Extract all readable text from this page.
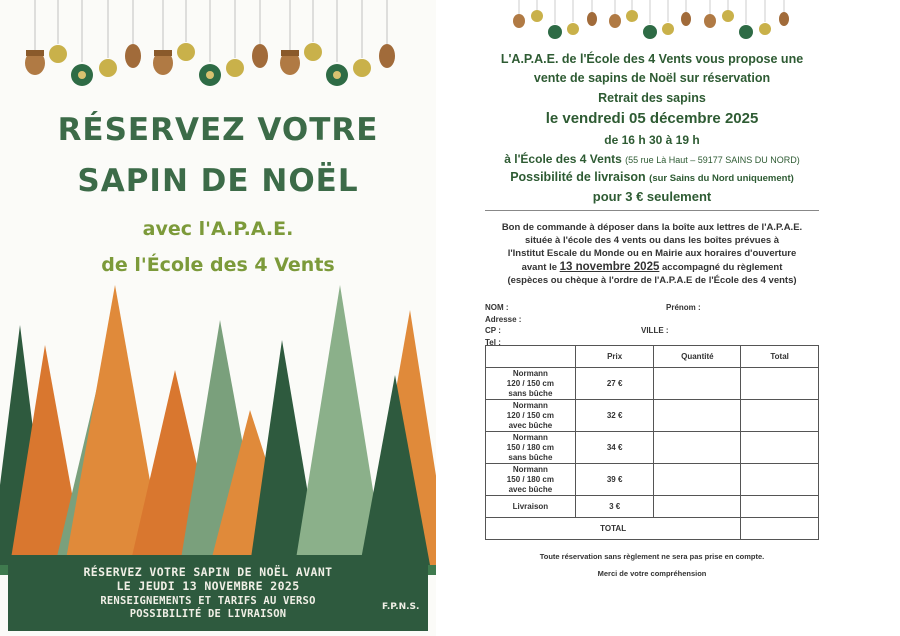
RÉSERVEZ VOTRE
SAPIN DE NOËL
avec l'A.P.A.E.
de l'École des 4 Vents
RÉSERVEZ VOTRE SAPIN DE NOËL AVANT
LE JEUDI 13 NOVEMBRE 2025
RENSEIGNEMENTS ET TARIFS AU VERSO
POSSIBILITÉ DE LIVRAISON
F.P.N.S.
L'A.P.A.E. de l'École des 4 Vents vous propose une
vente de sapins de Noël sur réservation
Retrait des sapins
le vendredi 05 décembre 2025
de 16 h 30 à 19 h
à l'École des 4 Vents (55 rue Là Haut – 59177 SAINS DU NORD)
Possibilité de livraison (sur Sains du Nord uniquement)
pour 3 € seulement
Bon de commande à déposer dans la boîte aux lettres de l'A.P.A.E.
située à l'école des 4 vents ou dans les boîtes prévues à
l'Institut Escale du Monde ou en Mairie aux horaires d'ouverture
avant le 13 novembre 2025 accompagné du règlement
(espèces ou chèque à l'ordre de l'A.P.A.E de l'École des 4 vents)
NOM :	Prénom :
Adresse :
CP :	VILLE :
Tel :
	Prix	Quantité	Total

Normann
120 / 150 cm
sans bûche	27 €		

Normann
120 / 150 cm
avec bûche	32 €		

Normann
150 / 180 cm
sans bûche	34 €		

Normann
150 / 180 cm
avec bûche	39 €		

Livraison	3 €		
TOTAL			
Toute réservation sans règlement ne sera pas prise en compte.
Merci de votre compréhension
